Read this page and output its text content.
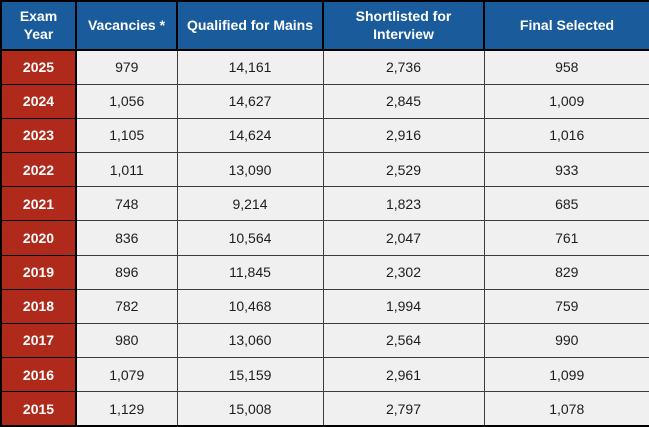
Exam Year	Vacancies *	Qualified for Mains	Shortlisted for Interview	Final Selected
2025	979	14,161	2,736	958
2024	1,056	14,627	2,845	1,009
2023	1,105	14,624	2,916	1,016
2022	1,011	13,090	2,529	933
2021	748	9,214	1,823	685
2020	836	10,564	2,047	761
2019	896	11,845	2,302	829
2018	782	10,468	1,994	759
2017	980	13,060	2,564	990
2016	1,079	15,159	2,961	1,099
2015	1,129	15,008	2,797	1,078
